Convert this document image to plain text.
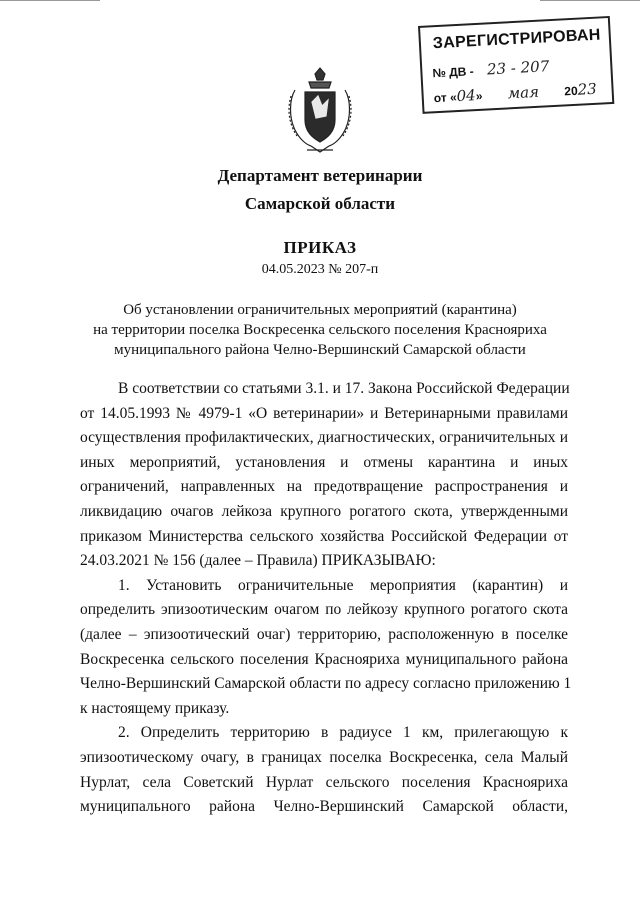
ЗАРЕГИСТРИРОВАН
№ ДВ - 23 - 207
от «04» мая 2023
Департамент ветеринарии
Самарской области
ПРИКАЗ
04.05.2023 № 207-п
Об установлении ограничительных мероприятий (карантина)
на территории поселка Воскресенка сельского поселения Краснояриха
муниципального района Челно-Вершинский Самарской области
В соответствии со статьями 3.1. и 17. Закона Российской Федерации
от 14.05.1993 № 4979-1 «О ветеринарии» и Ветеринарными правилами
осуществления профилактических, диагностических, ограничительных и
иных мероприятий, установления и отмены карантина и иных
ограничений, направленных на предотвращение распространения и
ликвидацию очагов лейкоза крупного рогатого скота, утвержденными
приказом Министерства сельского хозяйства Российской Федерации от
24.03.2021 № 156 (далее – Правила) ПРИКАЗЫВАЮ:
1. Установить ограничительные мероприятия (карантин) и
определить эпизоотическим очагом по лейкозу крупного рогатого скота
(далее – эпизоотический очаг) территорию, расположенную в поселке
Воскресенка сельского поселения Краснояриха муниципального района
Челно-Вершинский Самарской области по адресу согласно приложению 1
к настоящему приказу.
2. Определить территорию в радиусе 1 км, прилегающую к
эпизоотическому очагу, в границах поселка Воскресенка, села Малый
Нурлат, села Советский Нурлат сельского поселения Краснояриха
муниципального района Челно-Вершинский Самарской области,
